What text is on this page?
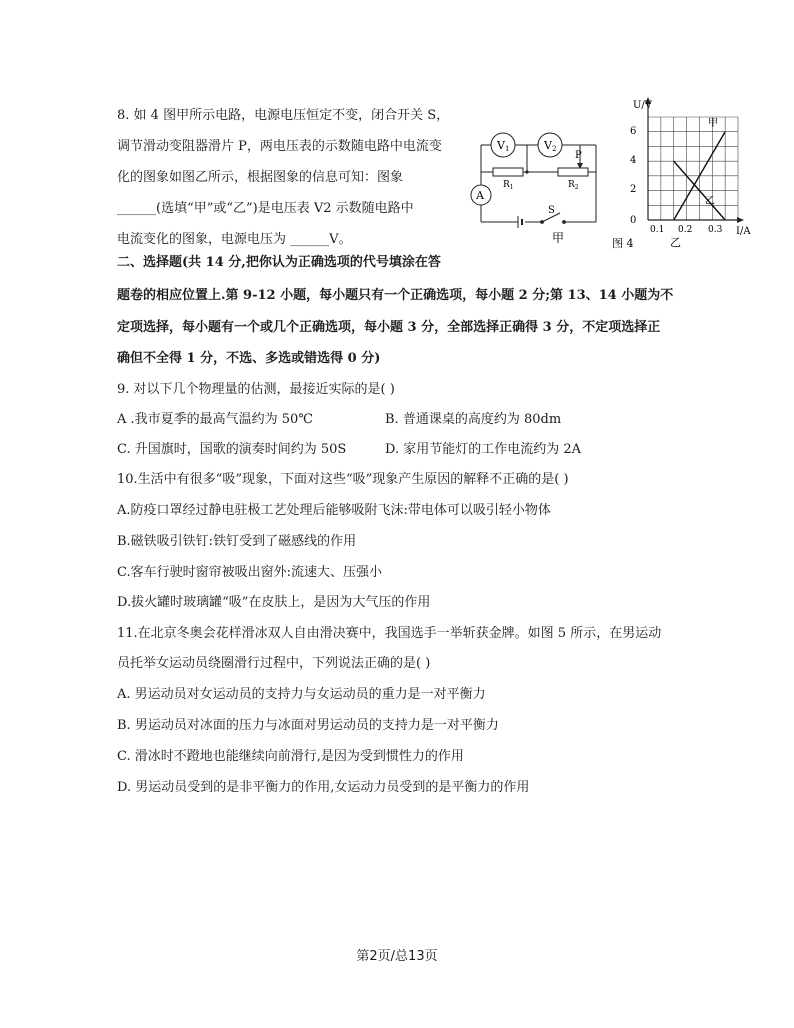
8. 如 4 图甲所示电路，电源电压恒定不变，闭合开关 S，
调节滑动变阻器滑片 P，两电压表的示数随电路中电流变
化的图象如图乙所示，根据图象的信息可知：图象
______(选填“甲”或“乙”)是电压表 V2 示数随电路中
电流变化的图象，电源电压为 ______V。
V1	V2
A
$R_1$	$R_2$
P
S
甲
U/V
I/A
6
4
2
0
0.1 0.2 0.3
甲
乙
乙
图 4
二、选择题(共 14 分,把你认为正确选项的代号填涂在答
题卷的相应位置上.第 9-12 小题，每小题只有一个正确选项，每小题 2 分;第 13、14 小题为不
定项选择，每小题有一个或几个正确选项，每小题 3 分，全部选择正确得 3 分，不定项选择正
确但不全得 1 分，不选、多选或错选得 0 分)
9. 对以下几个物理量的估测，最接近实际的是( )
A .我市夏季的最高气温约为 50℃	B. 普通课桌的高度约为 80dm
C. 升国旗时，国歌的演奏时间约为 50S	D. 家用节能灯的工作电流约为 2A
10.生活中有很多“吸”现象，下面对这些“吸”现象产生原因的解释不正确的是( )
A.防疫口罩经过静电驻极工艺处理后能够吸附飞沫:带电体可以吸引轻小物体
B.磁铁吸引铁钉:铁钉受到了磁感线的作用
C.客车行驶时窗帘被吸出窗外:流速大、压强小
D.拔火罐时玻璃罐“吸”在皮肤上，是因为大气压的作用
11.在北京冬奥会花样滑冰双人自由滑决赛中，我国选手一举斩获金牌。如图 5 所示，在男运动
员托举女运动员绕圈滑行过程中，下列说法正确的是( )
A. 男运动员对女运动员的支持力与女运动员的重力是一对平衡力
B. 男运动员对冰面的压力与冰面对男运动员的支持力是一对平衡力
C. 滑冰时不蹬地也能继续向前滑行,是因为受到惯性力的作用
D. 男运动员受到的是非平衡力的作用,女运动力员受到的是平衡力的作用
第2页/总13页
